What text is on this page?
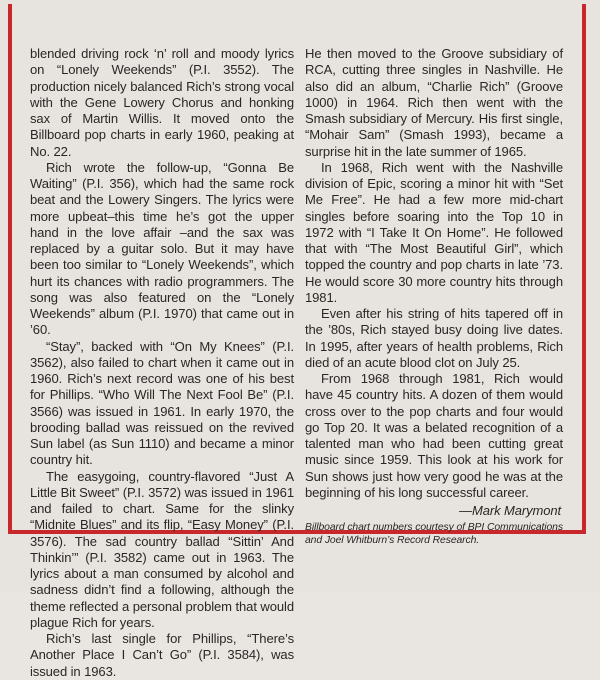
blended driving rock ‘n’ roll and moody lyrics on “Lonely Weekends” (P.I. 3552). The production nicely balanced Rich’s strong vocal with the Gene Lowery Chorus and honking sax of Martin Willis. It moved onto the Billboard pop charts in early 1960, peaking at No. 22.

Rich wrote the follow-up, “Gonna Be Waiting” (P.I. 356), which had the same rock beat and the Lowery Singers. The lyrics were more upbeat–this time he’s got the upper hand in the love affair –and the sax was replaced by a guitar solo. But it may have been too similar to “Lonely Weekends”, which hurt its chances with radio programmers. The song was also featured on the “Lonely Weekends” album (P.I. 1970) that came out in ’60.

“Stay”, backed with “On My Knees” (P.I. 3562), also failed to chart when it came out in 1960. Rich’s next record was one of his best for Phillips. “Who Will The Next Fool Be” (P.I. 3566) was issued in 1961. In early 1970, the brooding ballad was reissued on the revived Sun label (as Sun 1110) and became a minor country hit.

The easygoing, country-flavored “Just A Little Bit Sweet” (P.I. 3572) was issued in 1961 and failed to chart. Same for the slinky “Midnite Blues” and its flip, “Easy Money” (P.I. 3576). The sad country ballad “Sittin’ And Thinkin’” (P.I. 3582) came out in 1963. The lyrics about a man consumed by alcohol and sadness didn’t find a following, although the theme reflected a personal problem that would plague Rich for years.

Rich’s last single for Phillips, “There’s Another Place I Can’t Go” (P.I. 3584), was issued in 1963.

He then moved to the Groove subsidiary of RCA, cutting three singles in Nashville. He also did an album, “Charlie Rich” (Groove 1000) in 1964. Rich then went with the Smash subsidiary of Mercury. His first single, “Mohair Sam” (Smash 1993), became a surprise hit in the late summer of 1965.

In 1968, Rich went with the Nashville division of Epic, scoring a minor hit with “Set Me Free”. He had a few more mid-chart singles before soaring into the Top 10 in 1972 with “I Take It On Home”. He followed that with “The Most Beautiful Girl”, which topped the country and pop charts in late ’73. He would score 30 more country hits through 1981.

Even after his string of hits tapered off in the ’80s, Rich stayed busy doing live dates. In 1995, after years of health problems, Rich died of an acute blood clot on July 25.

From 1968 through 1981, Rich would have 45 country hits. A dozen of them would cross over to the pop charts and four would go Top 20. It was a belated recognition of a talented man who had been cutting great music since 1959. This look at his work for Sun shows just how very good he was at the beginning of his long successful career.

—Mark Marymont
Billboard chart numbers courtesy of BPI Communications and Joel Whitburn’s Record Research.
